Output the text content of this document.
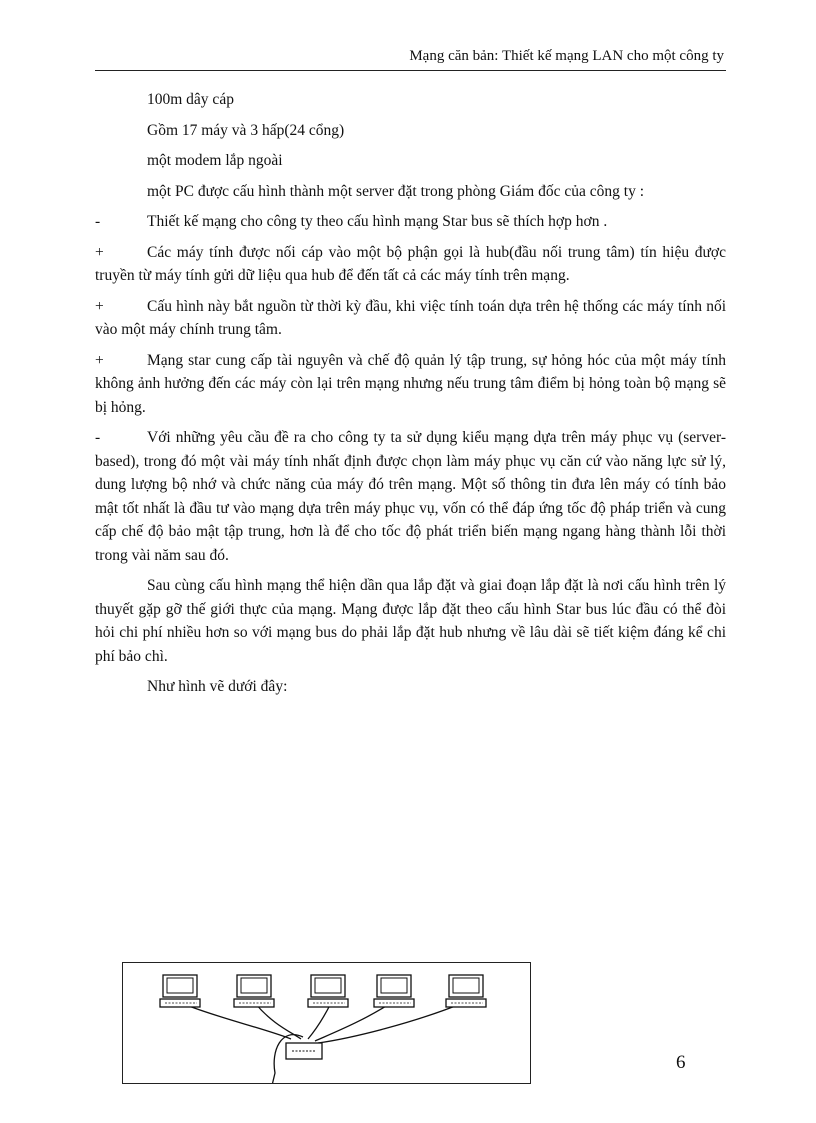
Mạng căn bản: Thiết kế mạng LAN cho một công ty

100m dây cáp

Gồm 17 máy và 3 hấp(24 cổng)

một modem lắp ngoài

một PC được cấu hình thành một server đặt trong phòng Giám đốc của công ty :

-	Thiết kế mạng cho công ty theo cấu hình mạng Star bus sẽ thích hợp hơn .

+	Các máy tính được nối cáp vào một bộ phận gọi là hub(đầu nối trung tâm) tín hiệu được truyền từ máy tính gửi dữ liệu qua hub để đến tất cả các máy tính trên mạng.

+	Cấu hình này bắt nguồn từ thời kỳ đầu, khi việc tính toán dựa trên hệ thống các máy tính nối vào một máy chính trung tâm.

+	Mạng star cung cấp tài nguyên và chế độ quản lý tập trung, sự hỏng hóc của một máy tính không ảnh hưởng đến các máy còn lại trên mạng nhưng nếu trung tâm điểm bị hỏng toàn bộ mạng sẽ bị hỏng.

-	Với những yêu cầu đề ra cho công ty ta sử dụng kiểu mạng dựa trên máy phục vụ (server-based), trong đó một vài máy tính nhất định được chọn làm máy phục vụ căn cứ vào năng lực sử lý, dung lượng bộ nhớ và chức năng của máy đó trên mạng. Một số thông tin đưa lên máy có tính bảo mật tốt nhất là đầu tư vào mạng dựa trên máy phục vụ, vốn có thể đáp ứng tốc độ pháp triển và cung cấp chế độ bảo mật tập trung, hơn là để cho tốc độ phát triển biến mạng ngang hàng thành lỗi thời trong vài năm sau đó.

Sau cùng cấu hình mạng thể hiện dần qua lắp đặt và giai đoạn lắp đặt là nơi cấu hình trên lý thuyết gặp gỡ thế giới thực của mạng. Mạng được lắp đặt theo cấu hình Star bus lúc đầu có thể đòi hỏi chi phí nhiều hơn so với mạng bus do phải lắp đặt hub nhưng về lâu dài sẽ tiết kiệm đáng kể chi phí bảo chì.

Như hình vẽ dưới đây:

6
